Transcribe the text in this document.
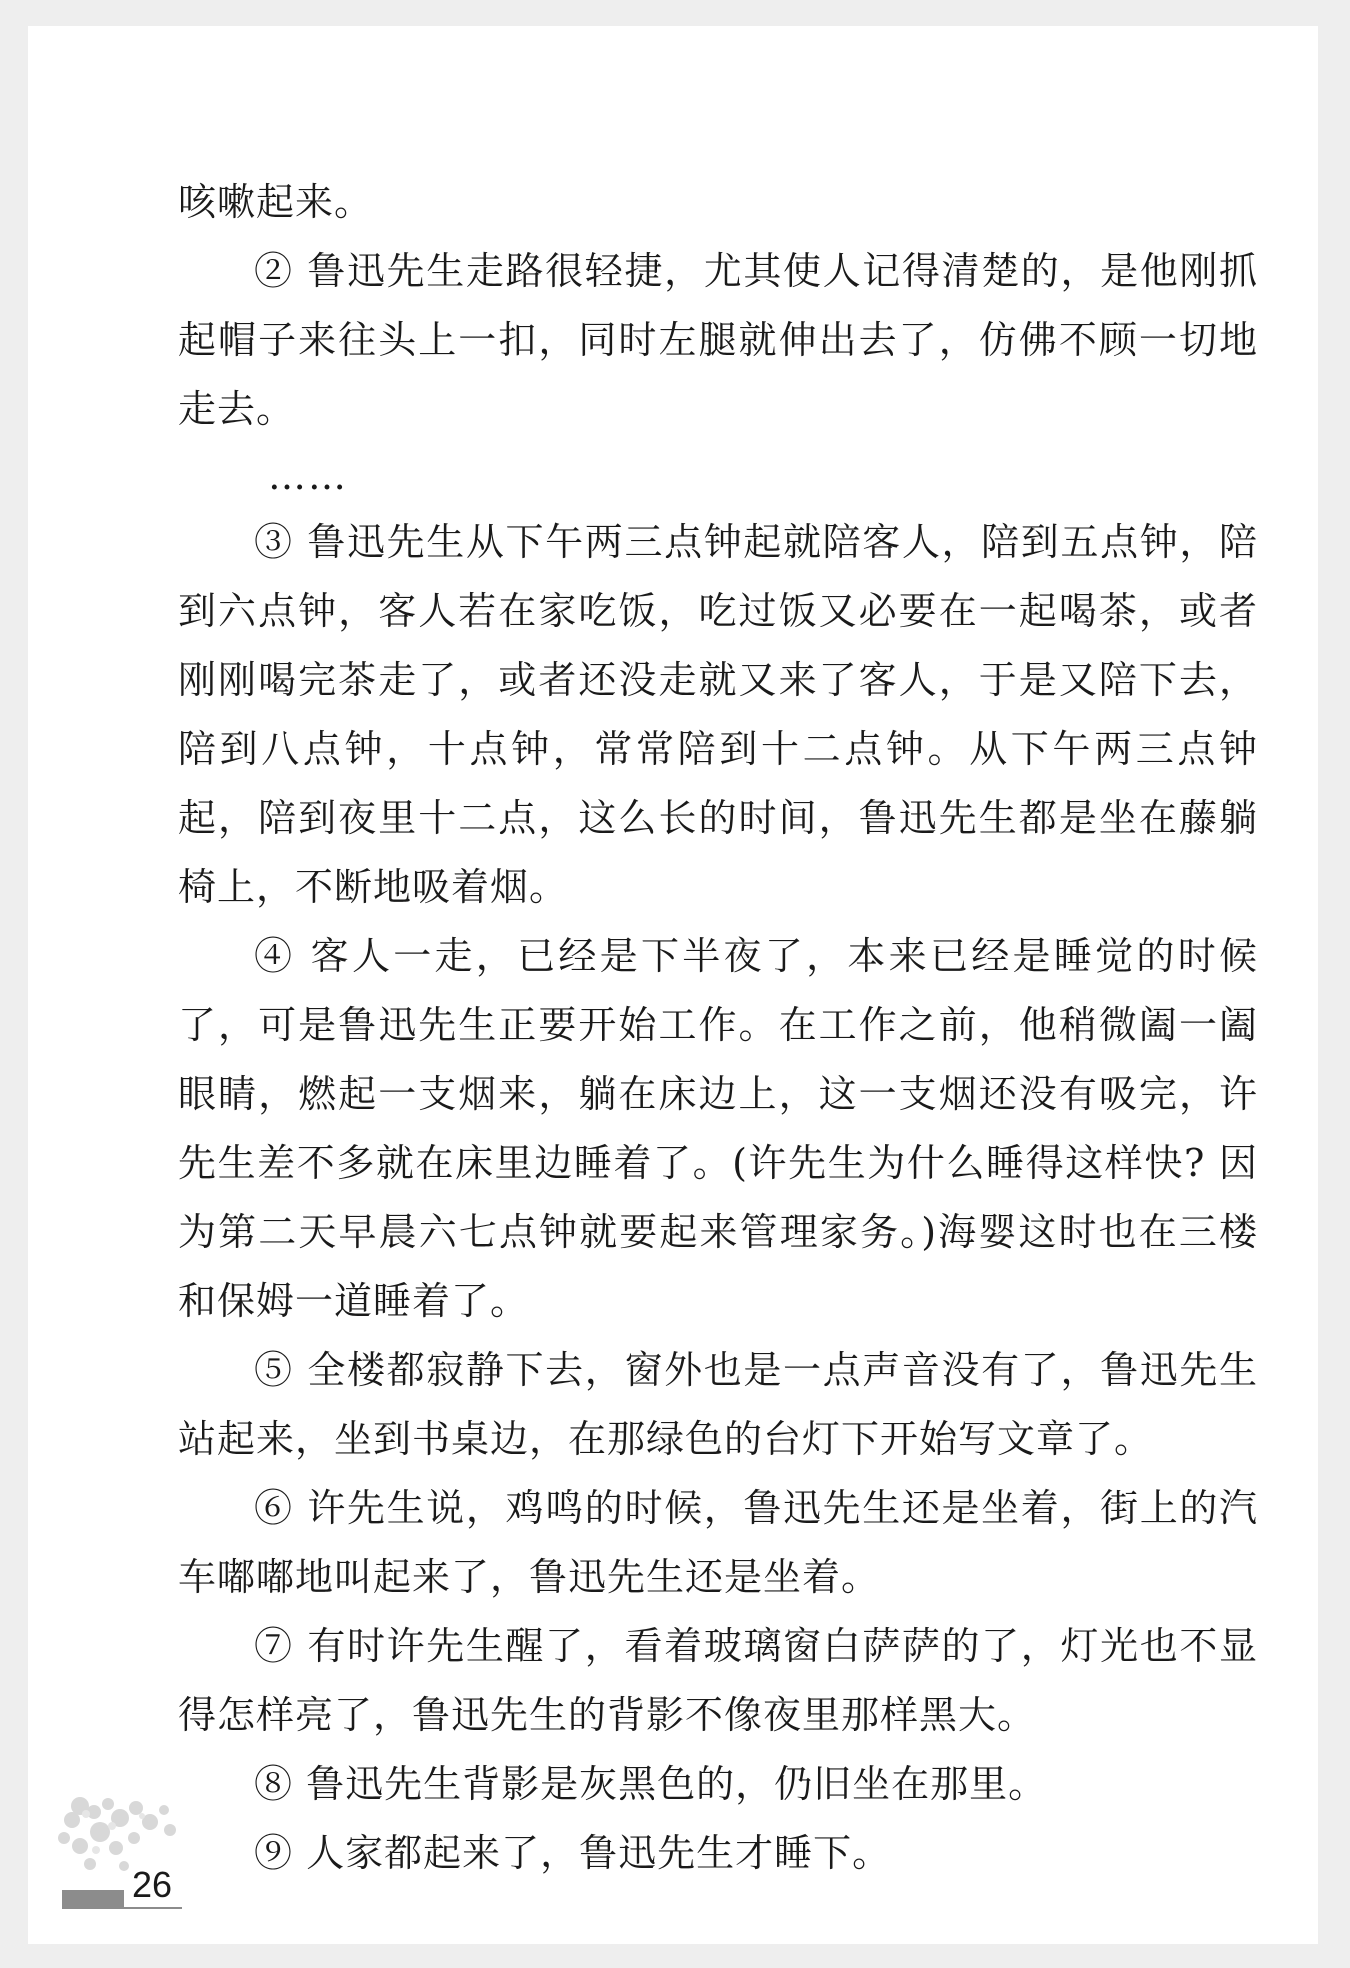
咳嗽起来。

② 鲁迅先生走路很轻捷，尤其使人记得清楚的，是他刚抓起帽子来往头上一扣，同时左腿就伸出去了，仿佛不顾一切地走去。

……

③ 鲁迅先生从下午两三点钟起就陪客人，陪到五点钟，陪到六点钟，客人若在家吃饭，吃过饭又必要在一起喝茶，或者刚刚喝完茶走了，或者还没走就又来了客人，于是又陪下去，陪到八点钟，十点钟，常常陪到十二点钟。从下午两三点钟起，陪到夜里十二点，这么长的时间，鲁迅先生都是坐在藤躺椅上，不断地吸着烟。

④ 客人一走，已经是下半夜了，本来已经是睡觉的时候了，可是鲁迅先生正要开始工作。在工作之前，他稍微阖一阖眼睛，燃起一支烟来，躺在床边上，这一支烟还没有吸完，许先生差不多就在床里边睡着了。(许先生为什么睡得这样快? 因为第二天早晨六七点钟就要起来管理家务。)海婴这时也在三楼和保姆一道睡着了。

⑤ 全楼都寂静下去，窗外也是一点声音没有了，鲁迅先生站起来，坐到书桌边，在那绿色的台灯下开始写文章了。

⑥ 许先生说，鸡鸣的时候，鲁迅先生还是坐着，街上的汽车嘟嘟地叫起来了，鲁迅先生还是坐着。

⑦ 有时许先生醒了，看着玻璃窗白萨萨的了，灯光也不显得怎样亮了，鲁迅先生的背影不像夜里那样黑大。

⑧ 鲁迅先生背影是灰黑色的，仍旧坐在那里。

⑨ 人家都起来了，鲁迅先生才睡下。

26
